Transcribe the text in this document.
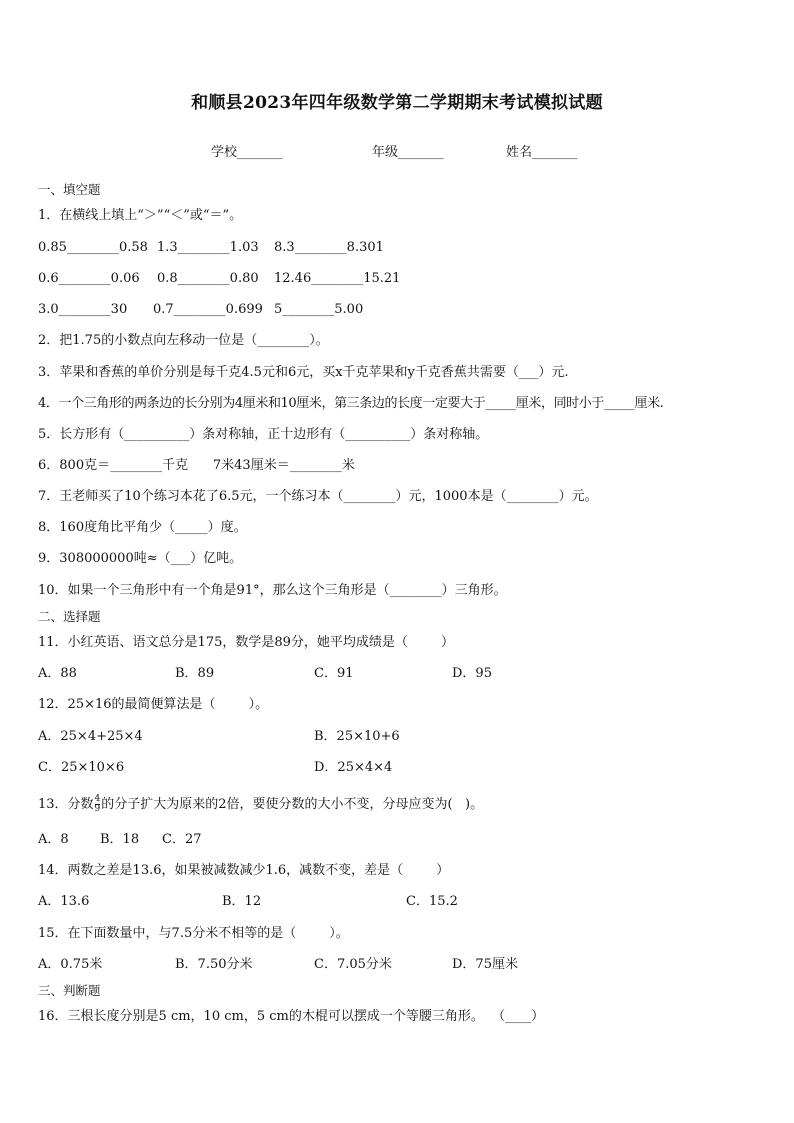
和顺县2023年四年级数学第二学期期末考试模拟试题
学校_______	年级_______	姓名_______
一、填空题
1．在横线上填上“＞”“＜”或“＝”。
0.85________0.58 1.3________1.03 8.3________8.301
0.6________0.06 0.8________0.80 12.46________15.21
3.0________30 0.7________0.699 5________5.00
2．把1.75的小数点向左移动一位是（________）。
3．苹果和香蕉的单价分别是每千克4.5元和6元，买x千克苹果和y千克香蕉共需要（___）元.
4．一个三角形的两条边的长分别为4厘米和10厘米，第三条边的长度一定要大于_____厘米，同时小于_____厘米.
5．长方形有（__________）条对称轴，正十边形有（__________）条对称轴。
6．800克＝________千克      7米43厘米＝________米
7．王老师买了10个练习本花了6.5元，一个练习本（________）元，1000本是（________）元。
8．160度角比平角少（_____）度。
9．308000000吨≈（___）亿吨。
10．如果一个三角形中有一个角是91°，那么这个三角形是（________）三角形。
二、选择题
11．小红英语、语文总分是175，数学是89分，她平均成绩是（        ）
A．88	B．89	C．91	D．95
12．25×16的最简便算法是（        ）。
A．25×4+25×4	B．25×10+6
C．25×10×6	D．25×4×4
13．分数 $\frac{4}{9}$ 的分子扩大为原来的2倍，要使分数的大小不变，分母应变为(   )。
A．8 B．18 C．27
14．两数之差是13.6，如果被减数减少1.6，减数不变，差是（        ）
A．13.6	B．12	C．15.2
15．在下面数量中，与7.5分米不相等的是（        ）。
A．0.75米	B．7.50分米	C．7.05分米	D．75厘米
三、判断题
16．三根长度分别是5 cm，10 cm，5 cm的木棍可以摆成一个等腰三角形。  （____）
